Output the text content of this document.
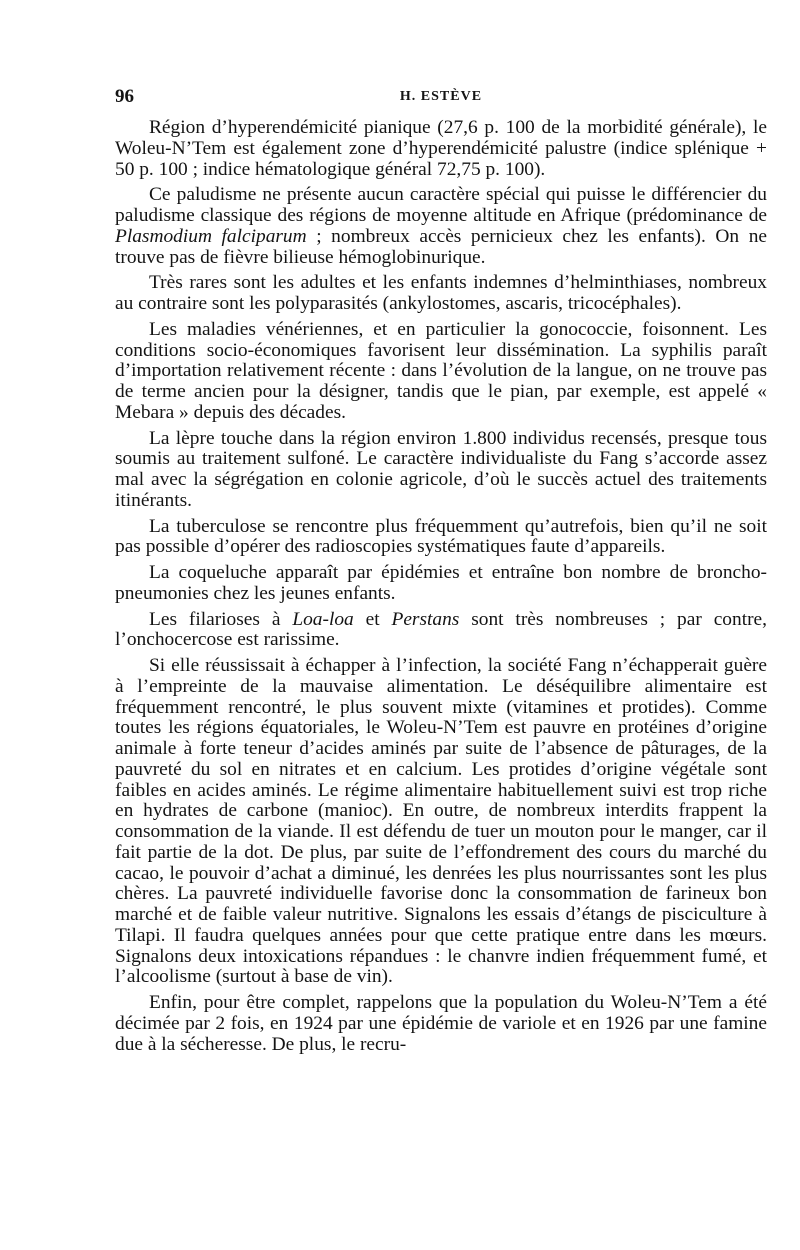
96	H. ESTÈVE

Région d’hyperendémicité pianique (27,6 p. 100 de la morbidité générale), le Woleu-N’Tem est également zone d’hyperendémicité palustre (indice splénique + 50 p. 100 ; indice hématologique général 72,75 p. 100).

Ce paludisme ne présente aucun caractère spécial qui puisse le différencier du paludisme classique des régions de moyenne altitude en Afrique (prédominance de Plasmodium falciparum ; nombreux accès pernicieux chez les enfants). On ne trouve pas de fièvre bilieuse hémoglobinurique.

Très rares sont les adultes et les enfants indemnes d’helminthiases, nombreux au contraire sont les polyparasités (ankylostomes, ascaris, tricocéphales).

Les maladies vénériennes, et en particulier la gonococcie, foisonnent. Les conditions socio-économiques favorisent leur dissémination. La syphilis paraît d’importation relativement récente : dans l’évolution de la langue, on ne trouve pas de terme ancien pour la désigner, tandis que le pian, par exemple, est appelé « Mebara » depuis des décades.

La lèpre touche dans la région environ 1.800 individus recensés, presque tous soumis au traitement sulfoné. Le caractère individualiste du Fang s’accorde assez mal avec la ségrégation en colonie agricole, d’où le succès actuel des traitements itinérants.

La tuberculose se rencontre plus fréquemment qu’autrefois, bien qu’il ne soit pas possible d’opérer des radioscopies systématiques faute d’appareils.

La coqueluche apparaît par épidémies et entraîne bon nombre de broncho-pneumonies chez les jeunes enfants.

Les filarioses à Loa-loa et Perstans sont très nombreuses ; par contre, l’onchocercose est rarissime.

Si elle réussissait à échapper à l’infection, la société Fang n’échapperait guère à l’empreinte de la mauvaise alimentation. Le déséquilibre alimentaire est fréquemment rencontré, le plus souvent mixte (vitamines et protides). Comme toutes les régions équatoriales, le Woleu-N’Tem est pauvre en protéines d’origine animale à forte teneur d’acides aminés par suite de l’absence de pâturages, de la pauvreté du sol en nitrates et en calcium. Les protides d’origine végétale sont faibles en acides aminés. Le régime alimentaire habituellement suivi est trop riche en hydrates de carbone (manioc). En outre, de nombreux interdits frappent la consommation de la viande. Il est défendu de tuer un mouton pour le manger, car il fait partie de la dot. De plus, par suite de l’effondrement des cours du marché du cacao, le pouvoir d’achat a diminué, les denrées les plus nourrissantes sont les plus chères. La pauvreté individuelle favorise donc la consommation de farineux bon marché et de faible valeur nutritive. Signalons les essais d’étangs de pisciculture à Tilapi. Il faudra quelques années pour que cette pratique entre dans les mœurs. Signalons deux intoxications répandues : le chanvre indien fréquemment fumé, et l’alcoolisme (surtout à base de vin).

Enfin, pour être complet, rappelons que la population du Woleu-N’Tem a été décimée par 2 fois, en 1924 par une épidémie de variole et en 1926 par une famine due à la sécheresse. De plus, le recru-
